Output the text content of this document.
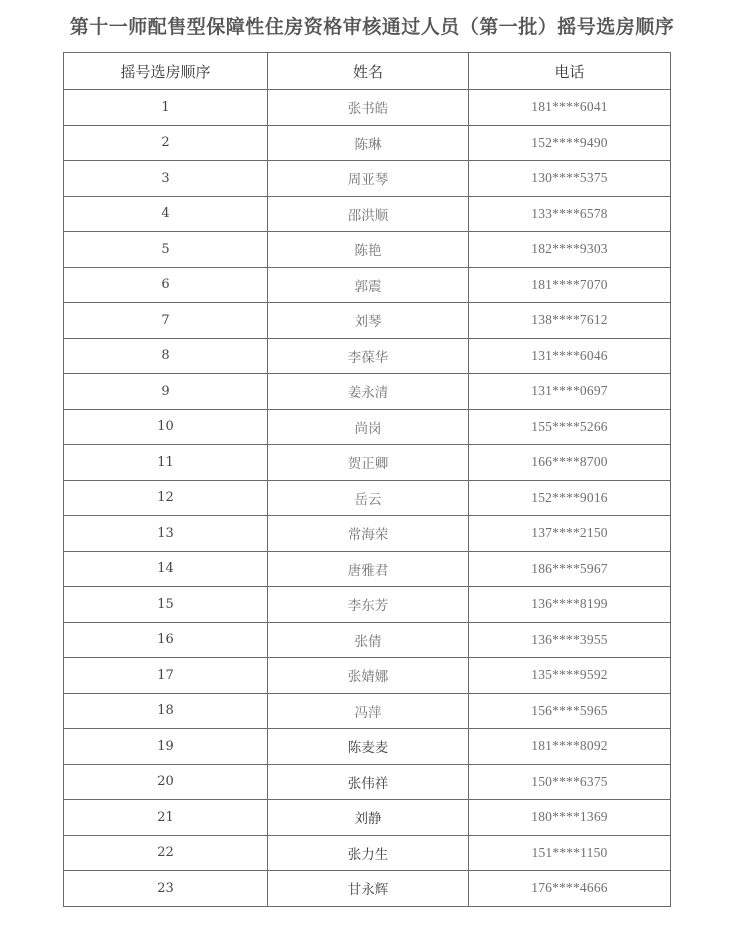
第十一师配售型保障性住房资格审核通过人员（第一批）摇号选房顺序
摇号选房顺序	姓名	电话
1	张书皓	181****6041
2	陈琳	152****9490
3	周亚琴	130****5375
4	邵洪顺	133****6578
5	陈艳	182****9303
6	郭震	181****7070
7	刘琴	138****7612
8	李葆华	131****6046
9	姜永清	131****0697
10	尚岗	155****5266
11	贺正卿	166****8700
12	岳云	152****9016
13	常海荣	137****2150
14	唐雅君	186****5967
15	李东芳	136****8199
16	张倩	136****3955
17	张婧娜	135****9592
18	冯萍	156****5965
19	陈麦麦	181****8092
20	张伟祥	150****6375
21	刘静	180****1369
22	张力生	151****1150
23	甘永辉	176****4666
